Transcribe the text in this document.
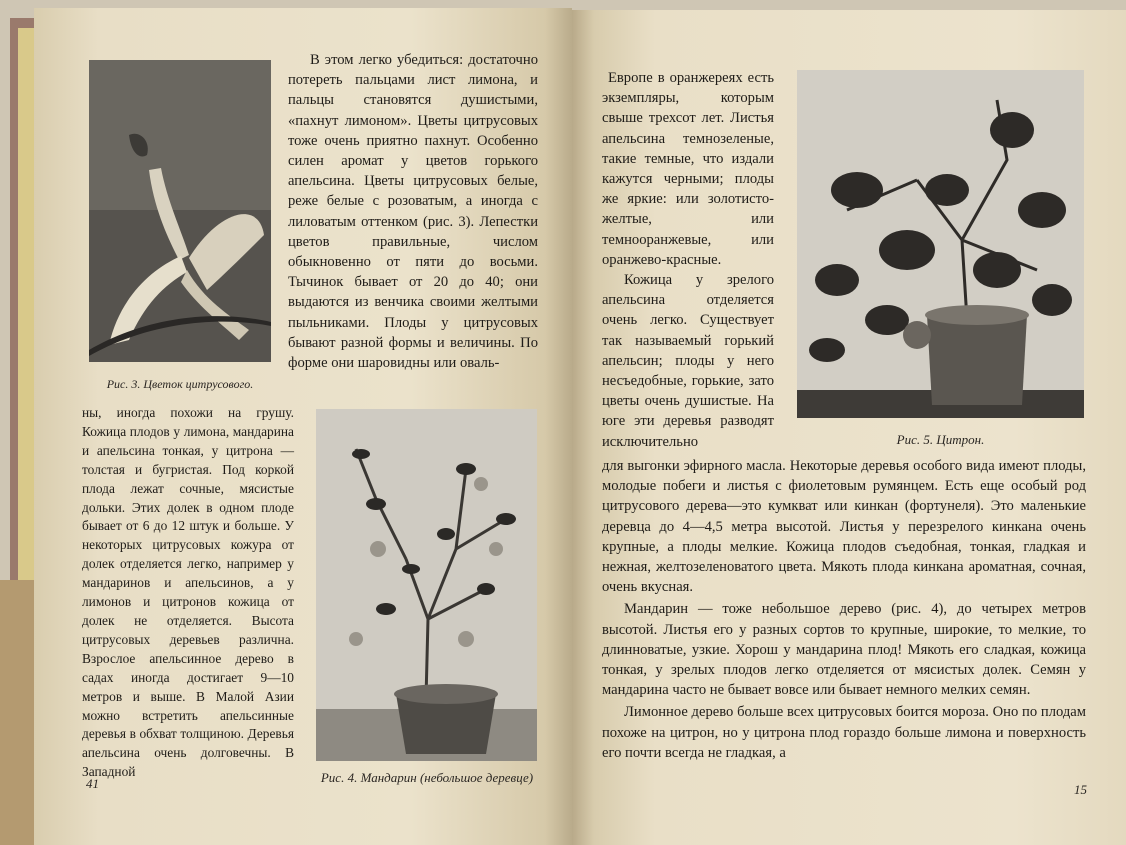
Рис. 3. Цветок цитрусового.

В этом легко убедиться: достаточно потереть пальцами лист лимона, и пальцы становятся душистыми, «пахнут лимоном». Цветы цитрусовых тоже очень приятно пахнут. Особенно силен аромат у цветов горького апельсина. Цветы цитрусовых белые, реже белые с розоватым, а иногда с лиловатым оттенком (рис. 3). Лепестки цветов правильные, числом обыкновенно от пяти до восьми. Тычинок бывает от 20 до 40; они выдаются из венчика своими желтыми пыльниками. Плоды у цитрусовых бывают разной формы и величины. По форме они шаровидны или оваль-

ны, иногда похожи на грушу. Кожица плодов у лимона, мандарина и апельсина тонкая, у цитрона — толстая и бугристая. Под коркой плода лежат сочные, мясистые дольки. Этих долек в одном плоде бывает от 6 до 12 штук и больше. У некоторых цитрусовых кожура от долек отделяется легко, например у мандаринов и апельсинов, а у лимонов и цитронов кожица от долек не отделяется. Высота цитрусовых деревьев различна. Взрослое апельсинное дерево в садах иногда достигает 9—10 метров и выше. В Малой Азии можно встретить апельсинные деревья в обхват толщиною. Деревья апельсина очень долговечны. В Западной	Рис. 4. Мандарин (небольшое деревце)
41

Европе в оранжереях есть экземпляры, которым свыше трехсот лет. Листья апельсина темнозеленые, такие темные, что издали кажутся черными; плоды же яркие: или золотисто-желтые, или темнооранжевые, или оранжево-красные.

Кожица у зрелого апельсина отделяется очень легко. Существует так называемый горький апельсин; плоды у него несъедобные, горькие, зато цветы очень душистые. На юге эти деревья разводят исключительно	Рис. 5. Цитрон.

для выгонки эфирного масла. Некоторые деревья особого вида имеют плоды, молодые побеги и листья с фиолетовым румянцем. Есть еще особый род цитрусового дерева—это кумкват или кинкан (фортунеля). Это маленькие деревца до 4—4,5 метра высотой. Листья у перезрелого кинкана очень крупные, а плоды мелкие. Кожица плодов съедобная, тонкая, гладкая и нежная, желтозеленоватого цвета. Мякоть плода кинкана ароматная, сочная, очень вкусная.

Мандарин — тоже небольшое дерево (рис. 4), до четырех метров высотой. Листья его у разных сортов то крупные, широкие, то мелкие, то длинноватые, узкие. Хорош у мандарина плод! Мякоть его сладкая, кожица тонкая, у зрелых плодов легко отделяется от мясистых долек. Семян у мандарина часто не бывает вовсе или бывает немного мелких семян.

Лимонное дерево больше всех цитрусовых боится мороза. Оно по плодам похоже на цитрон, но у цитрона плод гораздо больше лимона и поверхность его почти всегда не гладкая, а

15
